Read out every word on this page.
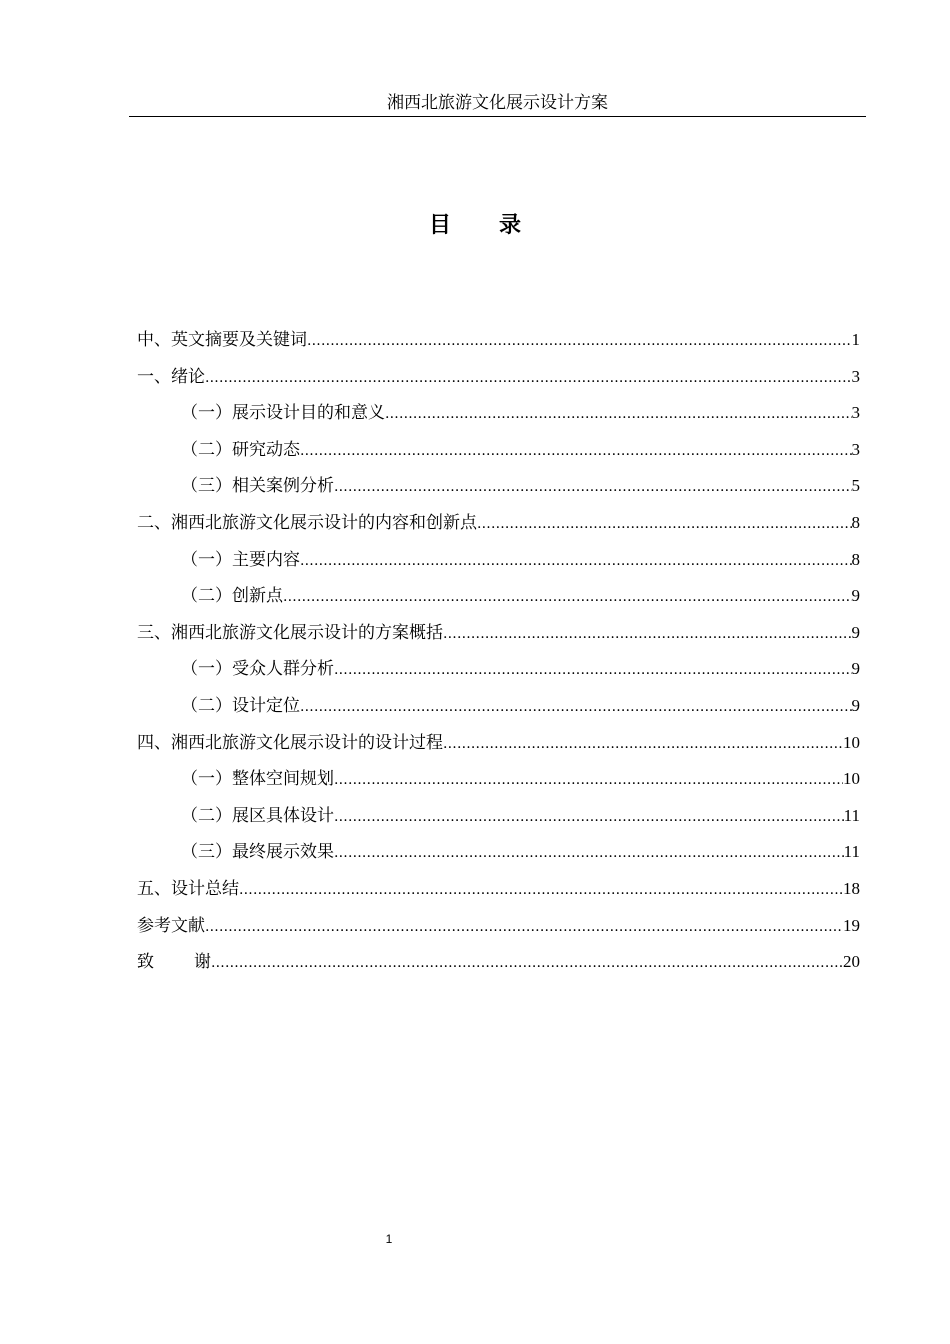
湘西北旅游文化展示设计方案
目 录
中、英文摘要及关键词 .....	1
一、绪论 .....	3
（一）展示设计目的和意义 .....	3
（二）研究动态 .....	3
（三）相关案例分析 .....	5
二、湘西北旅游文化展示设计的内容和创新点 .....	8
（一）主要内容 .....	8
（二）创新点 .....	9
三、湘西北旅游文化展示设计的方案概括 .....	9
（一）受众人群分析 .....	9
（二）设计定位 .....	9
四、湘西北旅游文化展示设计的设计过程 .....	10
（一）整体空间规划 .....	10
（二）展区具体设计 .....	11
（三）最终展示效果 .....	11
五、设计总结 .....	18
参考文献 .....	19
致 谢 .....	20
1
